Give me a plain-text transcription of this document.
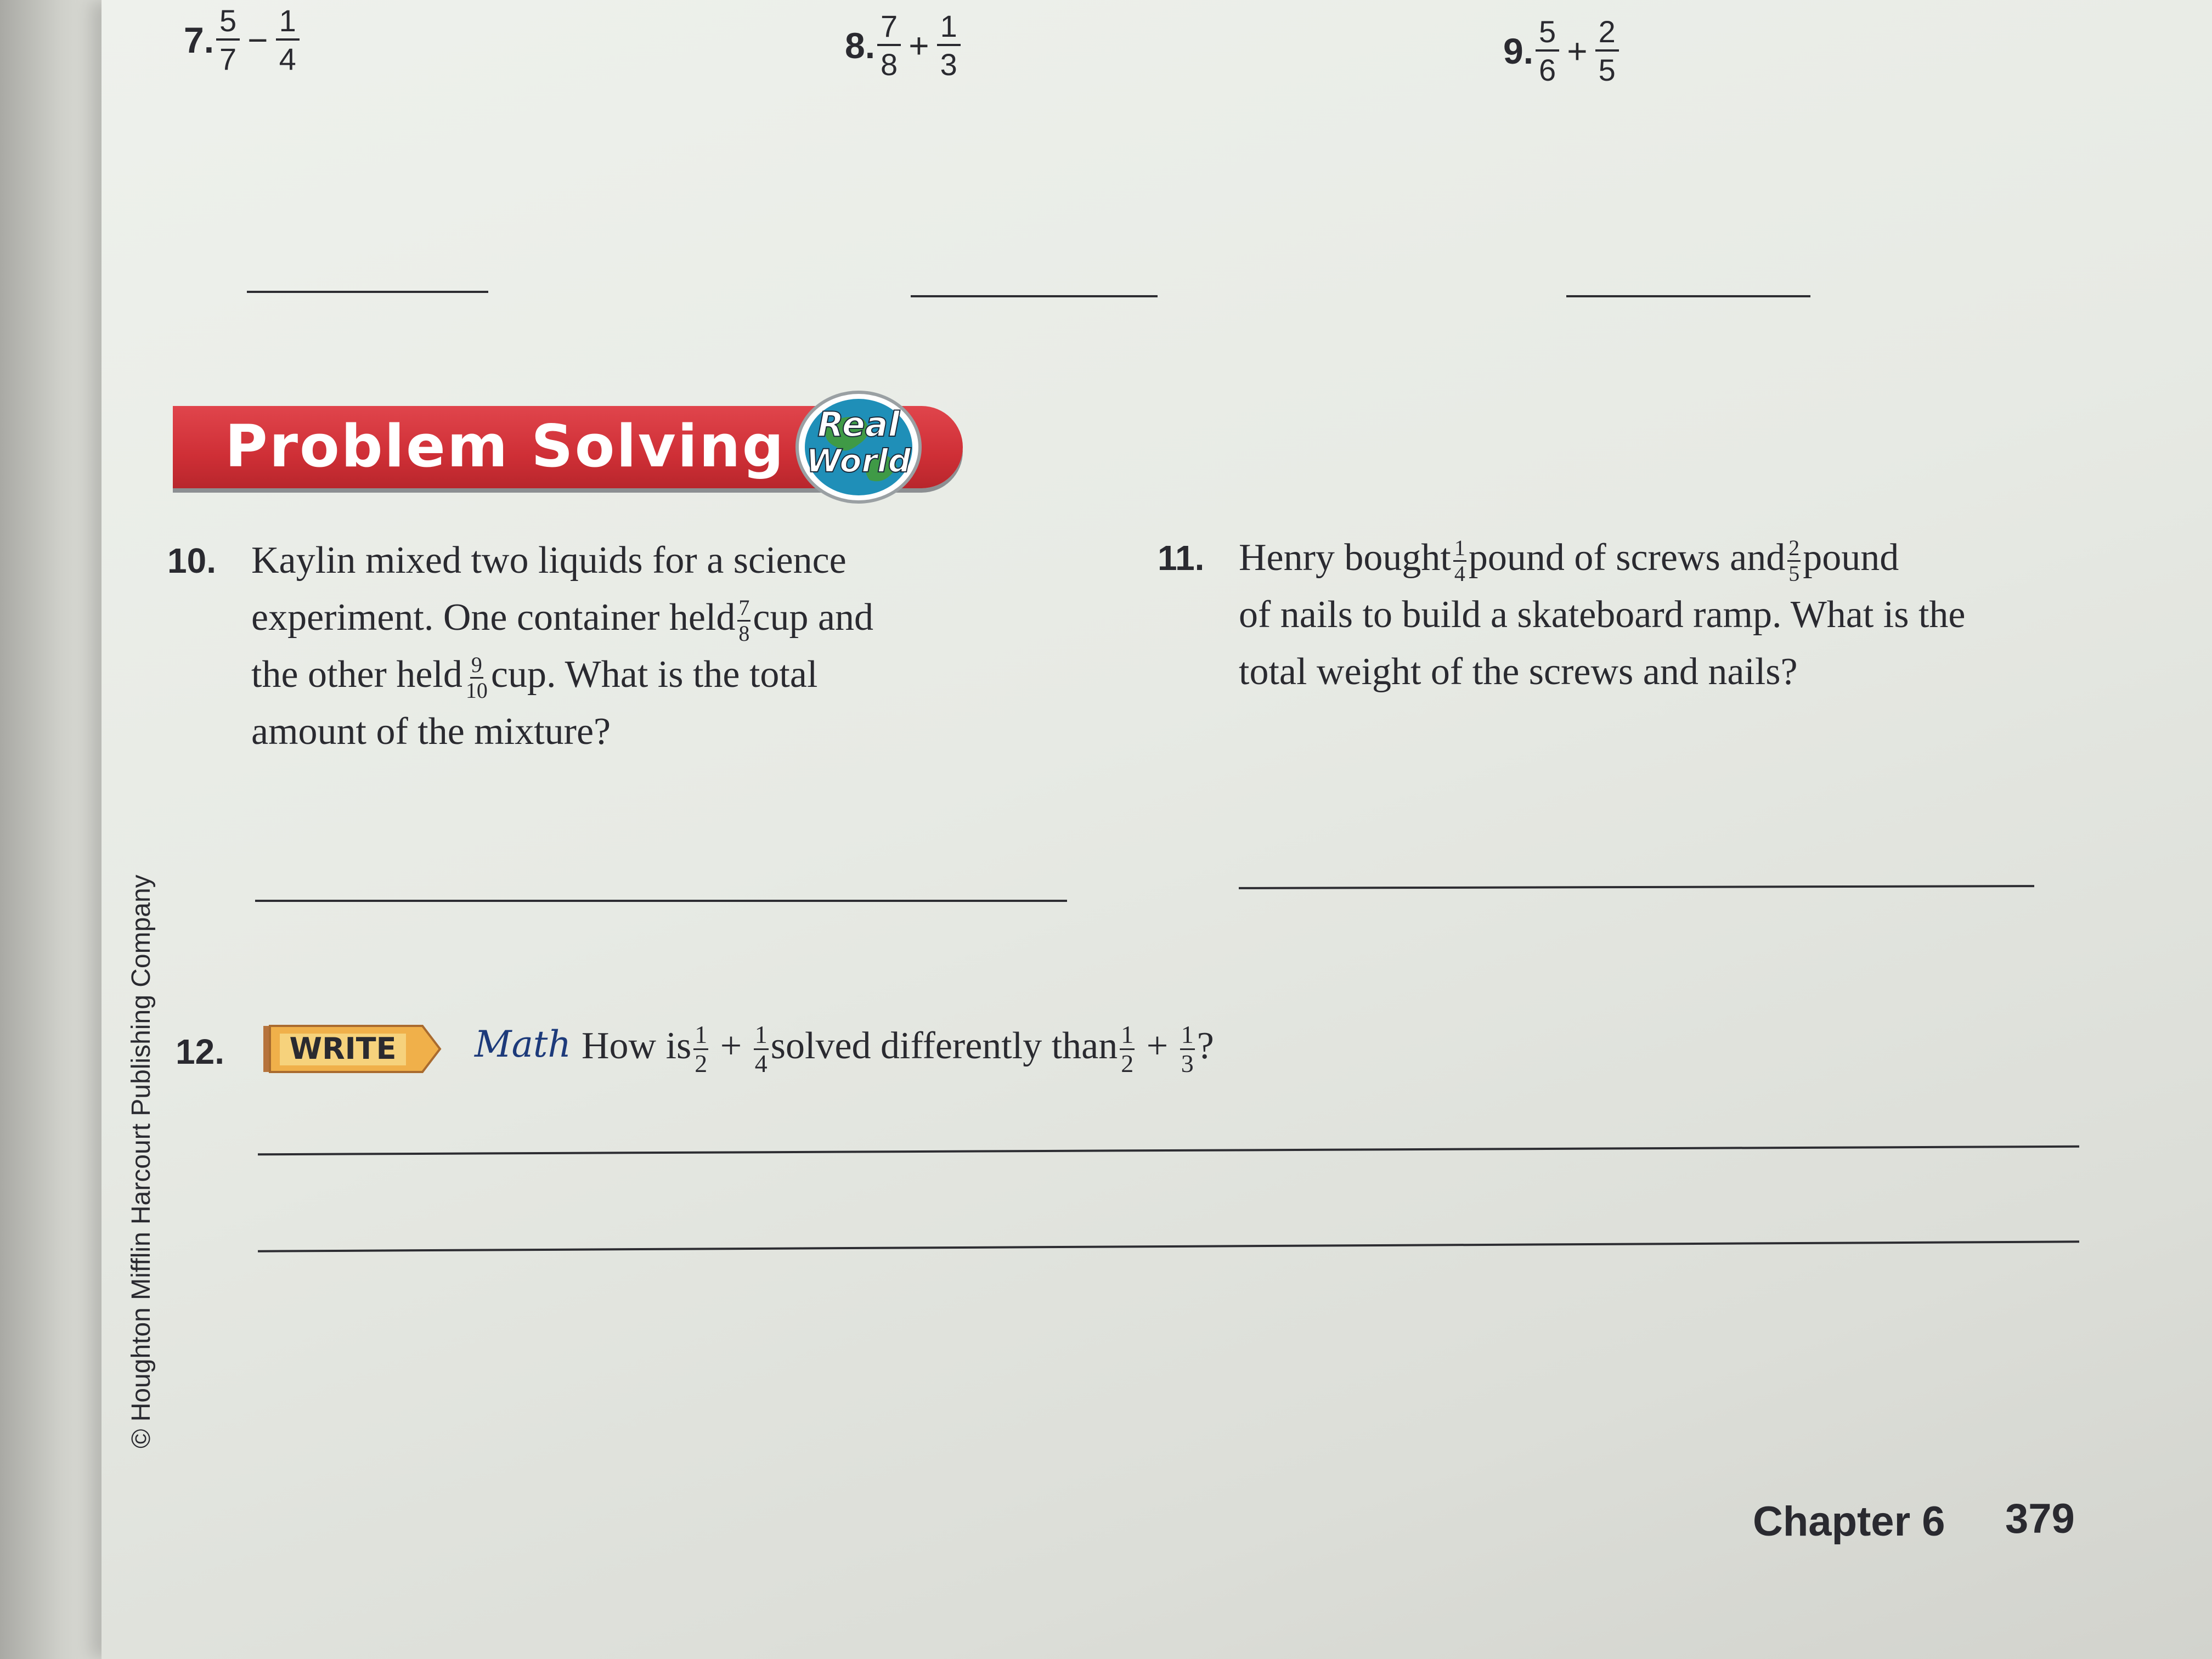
7. $\frac{5}{7} - \frac{1}{4}$	8. $\frac{7}{8} + \frac{1}{3}$	9. $\frac{5}{6} + \frac{2}{5}$
Problem Solving Real
World
10. Kaylin mixed two liquids for a science
experiment. One container held $\frac{7}{8}$ cup and
the other held $\frac{9}{10}$ cup. What is the total
amount of the mixture?
11. Henry bought $\frac{1}{4}$ pound of screws and $\frac{2}{5}$ pound
of nails to build a skateboard ramp. What is the
total weight of the screws and nails?
12. WRITE Math How is $\frac{1}{2} + \frac{1}{4}$ solved differently than $\frac{1}{2} + \frac{1}{3}$ ?
© Houghton Mifflin Harcourt Publishing Company
Chapter 6 379
